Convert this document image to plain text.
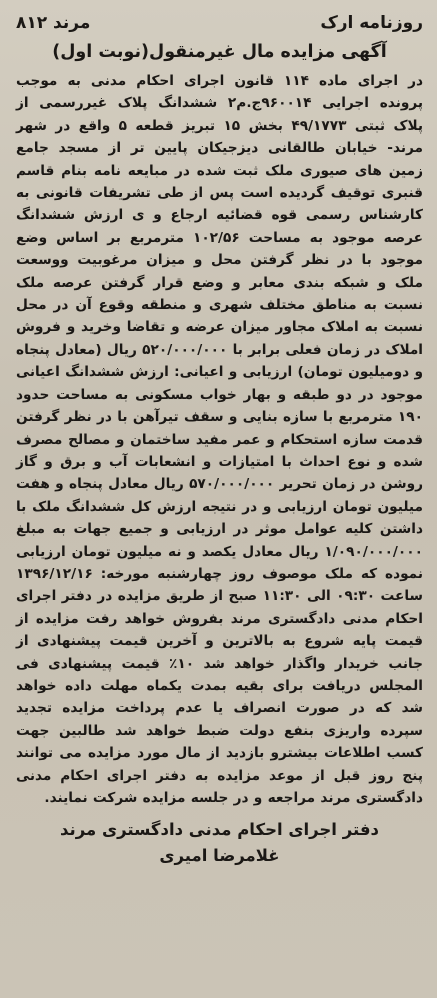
روزنامه ارک
مرند ۸۱۲
آگهی مزایده مال غیرمنقول(نوبت اول)
در اجرای ماده ۱۱۴ قانون اجرای احکام مدنی به موجب پرونده اجرایی ۹۶۰۰۱۴ج.م۲ ششدانگ پلاک غیررسمی از پلاک ثبتی ۴۹/۱۷۷۳ بخش ۱۵ تبریز قطعه ۵ واقع در شهر مرند- خیابان طالقانی دیزجیکان پایین تر از مسجد جامع زمین های صیوری ملک ثبت شده در مبایعه نامه بنام قاسم قنبری توقیف گردیده است پس از طی تشریفات قانونی به کارشناس رسمی قوه قضائیه ارجاع و ی ارزش ششدانگ عرصه موجود به مساحت ۱۰۲/۵۶ مترمربع بر اساس وضع موجود با در نظر گرفتن محل و میزان مرغوبیت ووسعت ملک و شبکه بندی معابر و وضع قرار گرفتن عرصه ملک نسبت به مناطق مختلف شهری و منطقه وقوع آن در محل نسبت به املاک مجاور میزان عرضه و تقاضا وخرید و فروش املاک در زمان فعلی برابر با ۵۲۰/۰۰۰/۰۰۰ ریال (معادل پنجاه و دومیلیون تومان) ارزیابی و اعیانی: ارزش ششدانگ اعیانی موجود در دو طبقه و بهار خواب مسکونی به مساحت حدود ۱۹۰ مترمربع با سازه بنایی و سقف تیرآهن با در نظر گرفتن قدمت سازه استحکام و عمر مفید ساختمان و مصالح مصرف شده و نوع احداث با امتیازات و انشعابات آب و برق و گاز روشن در زمان تحریر ۵۷۰/۰۰۰/۰۰۰ ریال معادل پنجاه و هفت میلیون تومان ارزیابی و در نتیجه ارزش کل ششدانگ ملک با داشتن کلیه عوامل موثر در ارزیابی و جمیع جهات به مبلغ ۱/۰۹۰/۰۰۰/۰۰۰ ریال معادل یکصد و نه میلیون تومان ارزیابی نموده که ملک موصوف روز چهارشنبه مورخه: ۱۳۹۶/۱۲/۱۶ ساعت ۰۹:۳۰ الی ۱۱:۳۰ صبح از طریق مزایده در دفتر اجرای احکام مدنی دادگستری مرند بفروش خواهد رفت مزایده از قیمت پایه شروع به بالاترین و آخرین قیمت پیشنهادی از جانب خریدار واگذار خواهد شد ۱۰٪ قیمت پیشنهادی فی المجلس دریافت برای بقیه بمدت یکماه مهلت داده خواهد شد که در صورت انصراف یا عدم پرداخت مزایده تجدید سپرده واریزی بنفع دولت ضبط خواهد شد طالبین جهت کسب اطلاعات بیشترو بازدید از مال مورد مزایده می توانند پنج روز قبل از موعد مزایده به دفتر اجرای احکام مدنی دادگستری مرند مراجعه و در جلسه مزایده شرکت نمایند.
دفتر اجرای احکام مدنی دادگستری مرند
غلامرضا امیری
